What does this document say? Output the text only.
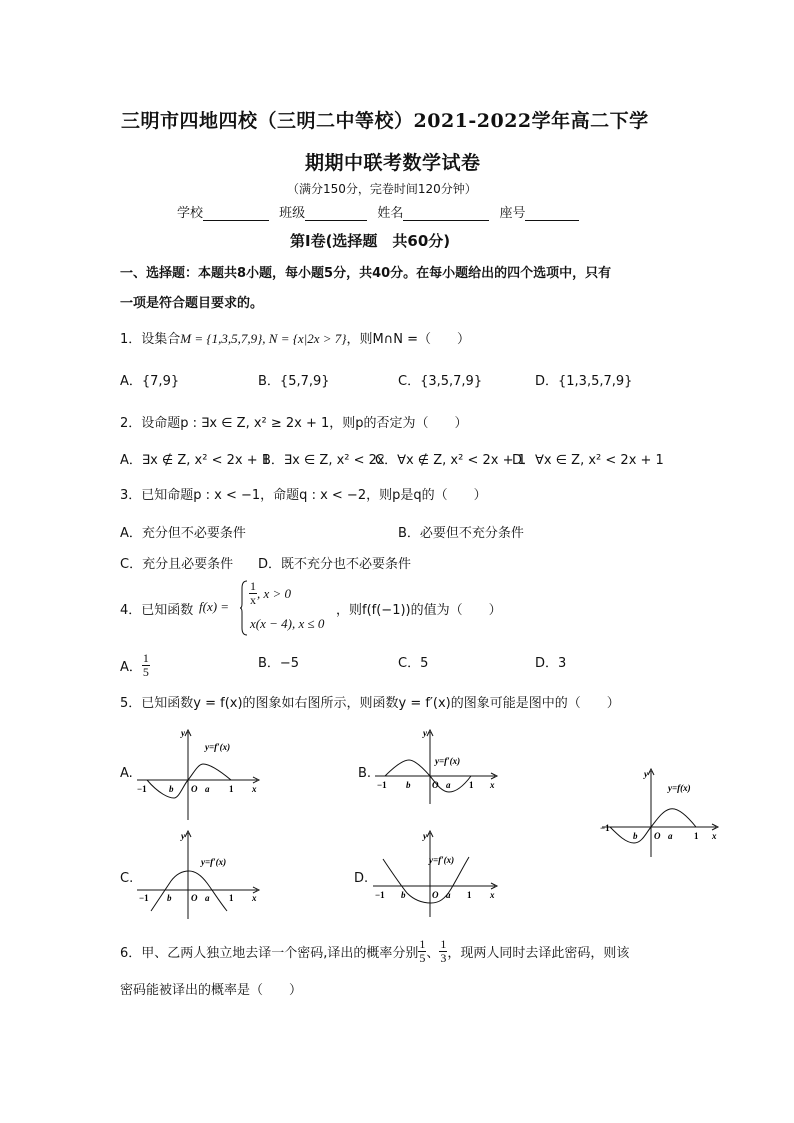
三明市四地四校（三明二中等校）2021-2022学年高二下学
期期中联考数学试卷
（满分150分，完卷时间120分钟）
学校	班级	姓名	座号
第Ⅰ卷(选择题　共60分)
一、选择题：本题共8小题，每小题5分，共40分。在每小题给出的四个选项中，只有
一项是符合题目要求的。
1．设集合M = {1,3,5,7,9}, N = {x|2x > 7}，则M∩N =（　　）
A．{7,9}	B．{5,7,9}	C．{3,5,7,9}	D．{1,3,5,7,9}
2．设命题p : ∃x ∈ Z, x² ≥ 2x + 1，则p的否定为（　　）
A．∃x ∉ Z, x² < 2x + 1
B．∃x ∈ Z, x² < 2x
C．∀x ∉ Z, x² < 2x + 1
D．∀x ∈ Z, x² < 2x + 1
3．已知命题p : x < −1，命题q : x < −2，则p是q的（　　）
A．充分但不必要条件	B．必要但不充分条件
C．充分且必要条件 D．既不充分也不必要条件
4．已知函数 $f(x) = \frac{1}{x}$ , x > 0
x(x − 4), x ≤ 0
，则f(f(−1))的值为（　　）
A． $\frac{1}{5}$	B．−5	C．5	D．3
5．已知函数y = f(x)的图象如右图所示，则函数y = f′(x)的图象可能是图中的（　　）
A.	B.
C.	D.
y
x
y=f′(x)
−1 b O a 1
y
x
y=f′(x)
−1 b O a 1
y
x
y=f′(x)
−1 b O a 1
y
x
y=f′(x)
−1 b	O a 1
y
x
y=f(x)
−1
b O a 1
6．甲、乙两人独立地去译一个密码,译出的概率分别 $\frac{1}{5}$ 、 $\frac{1}{3}$ ，现两人同时去译此密码，则该
密码能被译出的概率是（　　）
